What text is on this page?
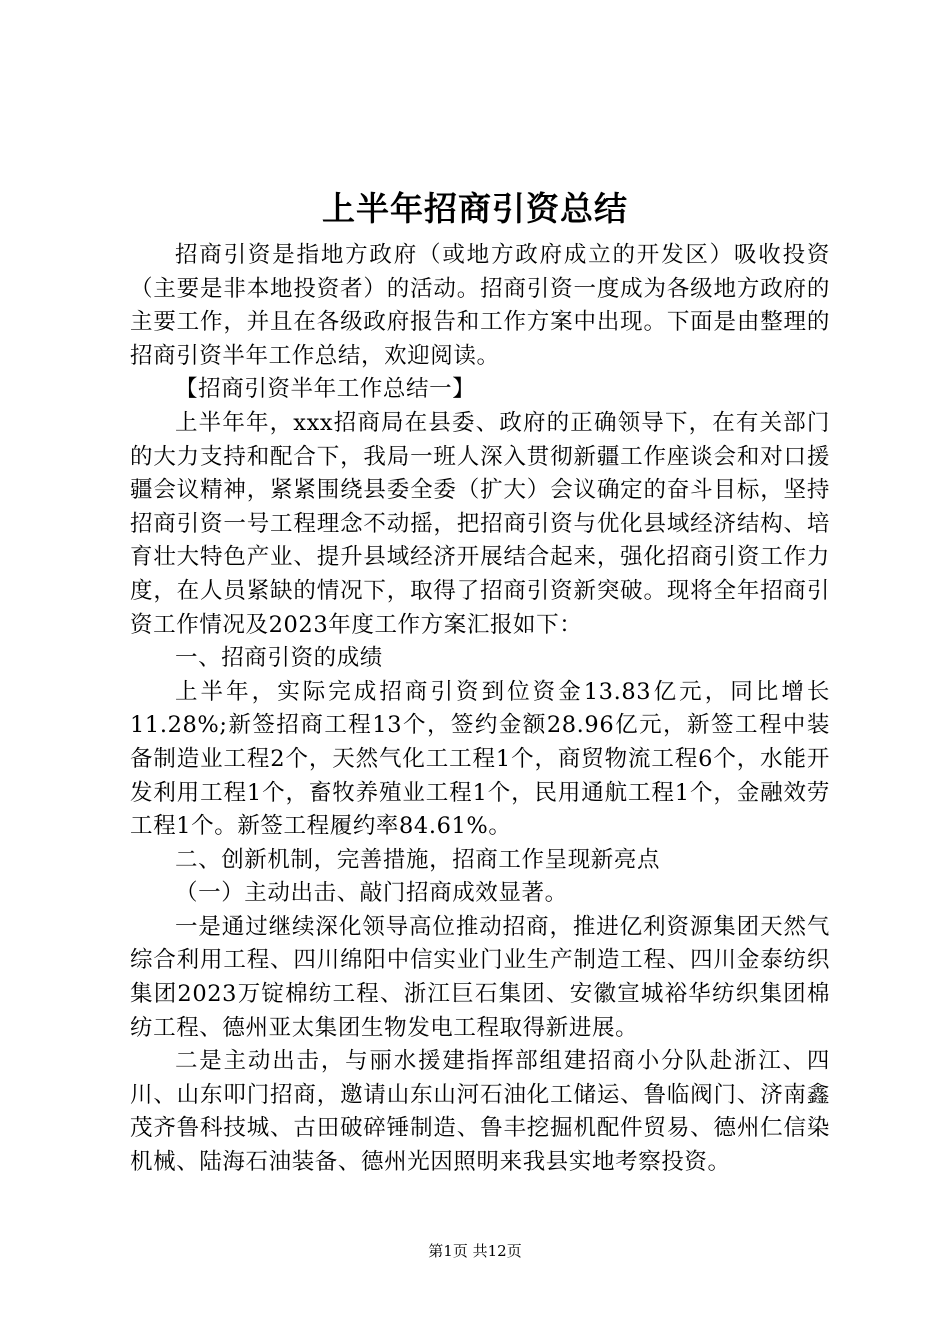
上半年招商引资总结

招商引资是指地方政府（或地方政府成立的开发区）吸收投资（主要是非本地投资者）的活动。招商引资一度成为各级地方政府的主要工作，并且在各级政府报告和工作方案中出现。下面是由整理的招商引资半年工作总结，欢迎阅读。

【招商引资半年工作总结一】

上半年年，xxx招商局在县委、政府的正确领导下，在有关部门的大力支持和配合下，我局一班人深入贯彻新疆工作座谈会和对口援疆会议精神，紧紧围绕县委全委（扩大）会议确定的奋斗目标，坚持招商引资一号工程理念不动摇，把招商引资与优化县域经济结构、培育壮大特色产业、提升县域经济开展结合起来，强化招商引资工作力度，在人员紧缺的情况下，取得了招商引资新突破。现将全年招商引资工作情况及2023年度工作方案汇报如下：

一、招商引资的成绩

上半年，实际完成招商引资到位资金13.83亿元，同比增长11.28%;新签招商工程13个，签约金额28.96亿元，新签工程中装备制造业工程2个，天然气化工工程1个，商贸物流工程6个，水能开发利用工程1个，畜牧养殖业工程1个，民用通航工程1个，金融效劳工程1个。新签工程履约率84.61%。

二、创新机制，完善措施，招商工作呈现新亮点

（一）主动出击、敲门招商成效显著。

一是通过继续深化领导高位推动招商，推进亿利资源集团天然气综合利用工程、四川绵阳中信实业门业生产制造工程、四川金泰纺织集团2023万锭棉纺工程、浙江巨石集团、安徽宣城裕华纺织集团棉纺工程、德州亚太集团生物发电工程取得新进展。

二是主动出击，与丽水援建指挥部组建招商小分队赴浙江、四川、山东叩门招商，邀请山东山河石油化工储运、鲁临阀门、济南鑫茂齐鲁科技城、古田破碎锤制造、鲁丰挖掘机配件贸易、德州仁信染机械、陆海石油装备、德州光因照明来我县实地考察投资。

第1页 共12页
